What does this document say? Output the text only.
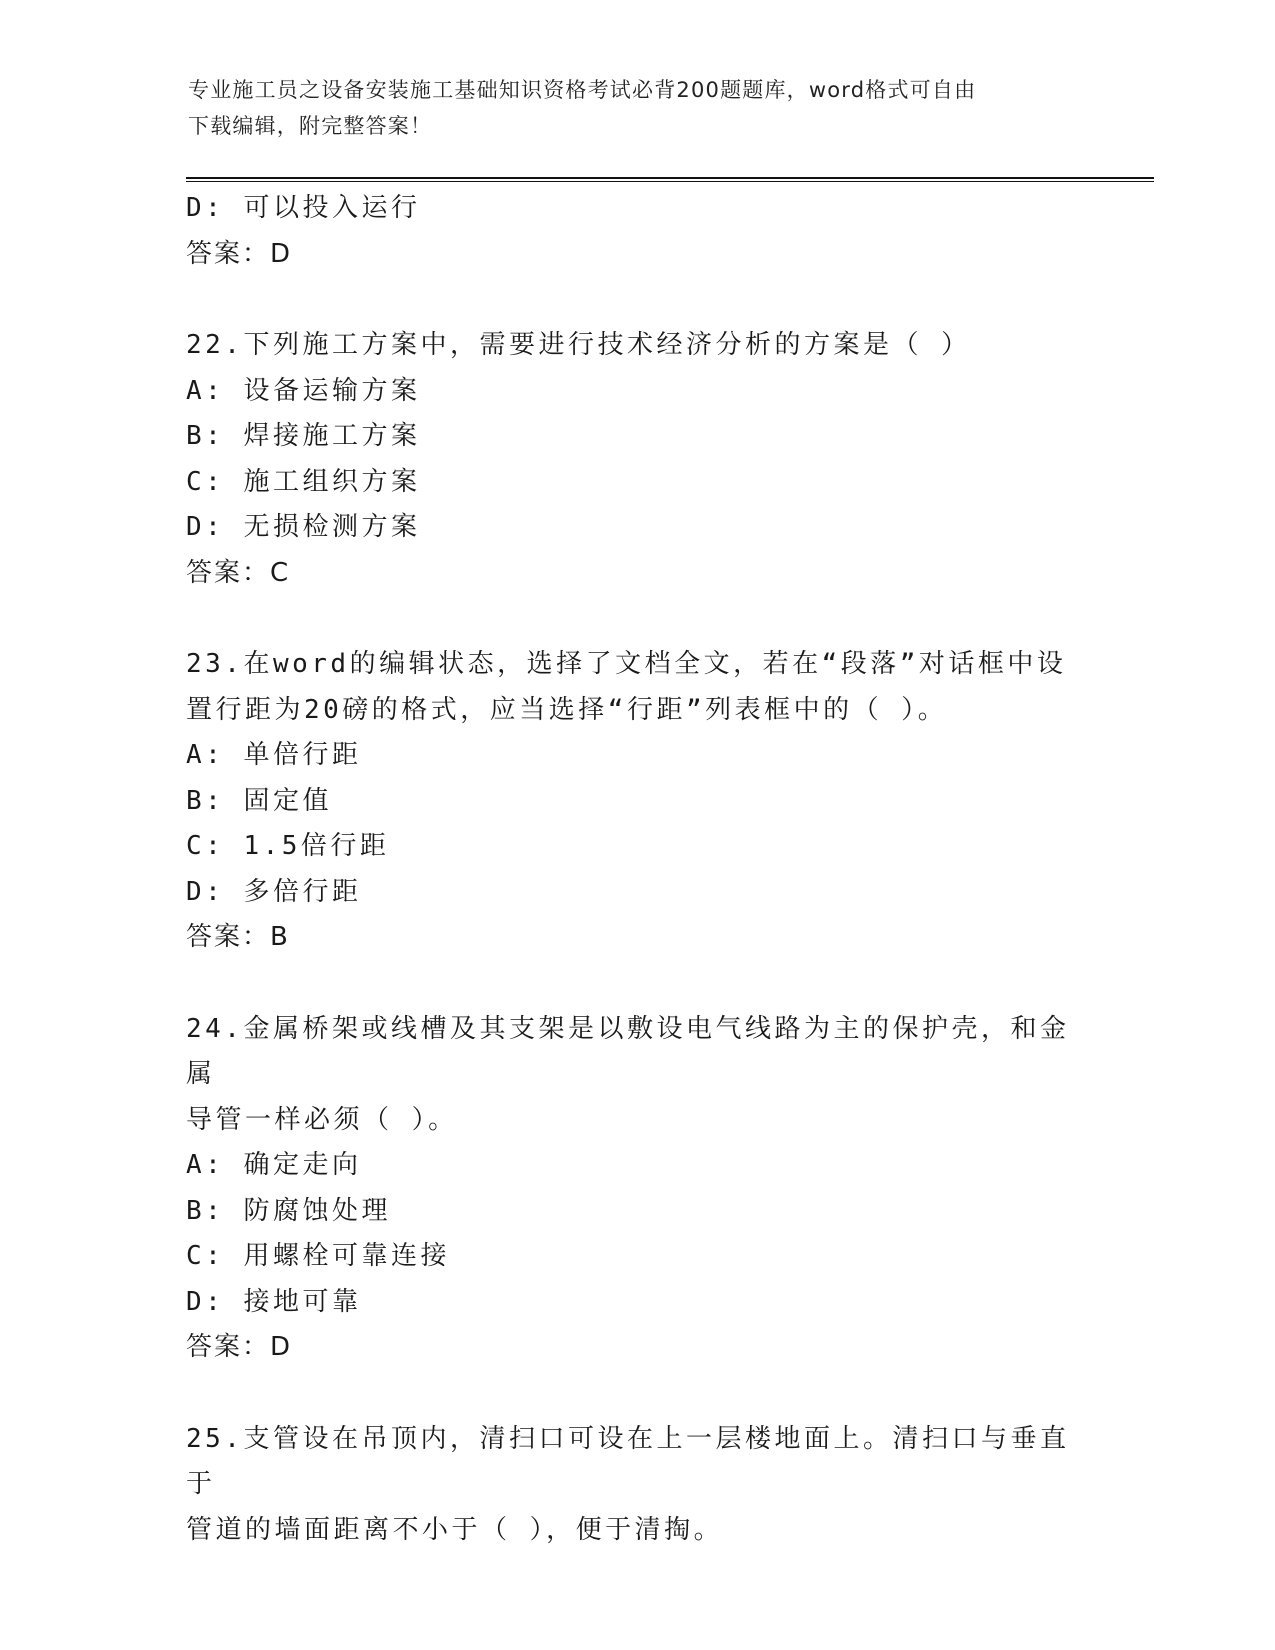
专业施工员之设备安装施工基础知识资格考试必背200题题库，word格式可自由
下载编辑，附完整答案！
D: 可以投入运行
答案：D
22.下列施工方案中，需要进行技术经济分析的方案是（ ）
A: 设备运输方案
B: 焊接施工方案
C: 施工组织方案
D: 无损检测方案
答案：C
23.在word的编辑状态，选择了文档全文，若在“段落”对话框中设
置行距为20磅的格式，应当选择“行距”列表框中的（ ）。
A: 单倍行距
B: 固定值
C: 1.5倍行距
D: 多倍行距
答案：B
24.金属桥架或线槽及其支架是以敷设电气线路为主的保护壳，和金属
导管一样必须（ ）。
A: 确定走向
B: 防腐蚀处理
C: 用螺栓可靠连接
D: 接地可靠
答案：D
25.支管设在吊顶内，清扫口可设在上一层楼地面上。清扫口与垂直于
管道的墙面距离不小于（ ），便于清掏。
